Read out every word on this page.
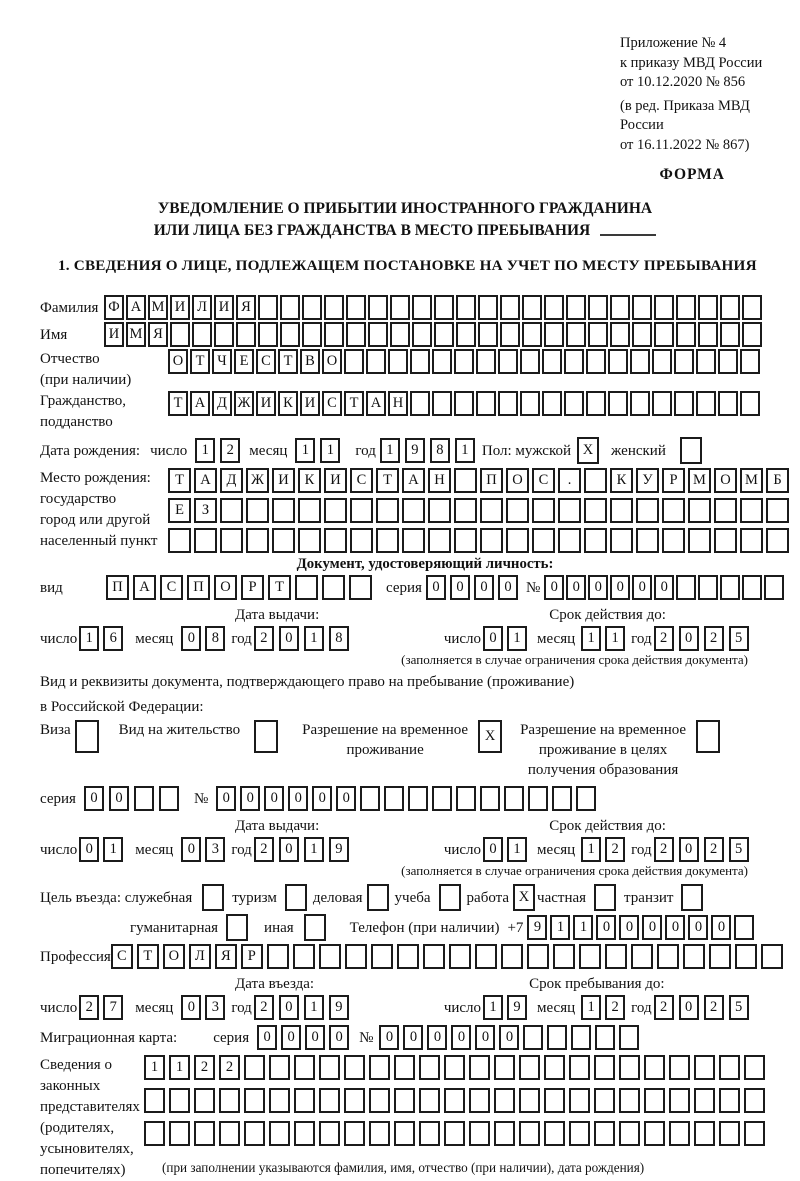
Приложение № 4
к приказу МВД России
от 10.12.2020 № 856
(в ред. Приказа МВД России
от 16.11.2022 № 867)
ФОРМА
УВЕДОМЛЕНИЕ О ПРИБЫТИИ ИНОСТРАННОГО ГРАЖДАНИНА
ИЛИ ЛИЦА БЕЗ ГРАЖДАНСТВА В МЕСТО ПРЕБЫВАНИЯ
1. СВЕДЕНИЯ О ЛИЦЕ, ПОДЛЕЖАЩЕМ ПОСТАНОВКЕ НА УЧЕТ ПО МЕСТУ ПРЕБЫВАНИЯ
Фамилия Ф А М И Л И Я
Имя	И М Я
Отчество
(при наличии)
О Т Ч Е С Т В О
Гражданство,
подданство
Т А Д Ж И К И С Т А Н
Дата рождения: число 1	2	месяц 1	1	год 1	9	8	1 Пол: мужской X	женский
Место рождения:
государство
город или другой
населенный пункт
Т	А	Д	Ж И	К	И	С	Т	А	Н	П	О	С	.	К	У	Р	М О М	Б
Е	З
Документ, удостоверяющий личность:
вид	П	А	С	П	О	Р	Т	серия 0	0	0	0 № 0	0	0	0	0	0
Дата выдачи:	Срок действия до:
число 1	6	месяц 0	8 год 2	0	1	8	число 0	1	месяц 1	1 год 2	0	2	5
(заполняется в случае ограничения срока действия документа)
Вид и реквизиты документа, подтверждающего право на пребывание (проживание)
в Российской Федерации:
Виза	Вид на жительство	Разрешение на временное
проживание
X	Разрешение на временное
проживание в целях
получения образования
серия 0	0	№ 0	0	0	0	0	0
Дата выдачи:	Срок действия до:
число 0	1	месяц 0	3 год 2	0	1	9	число 0	1	месяц 1	2 год 2	0	2	5
(заполняется в случае ограничения срока действия документа)
Цель въезда: служебная	туризм деловая учеба работа X частная	транзит
гуманитарная	иная	Телефон (при наличии) +7 9	1	1	0	0	0	0	0	0
Профессия С	Т	О	Л	Я	Р
Дата въезда:	Срок пребывания до:
число 2	7	месяц 0	3 год 2	0	1	9	число 1	9	месяц 1	2 год 2	0	2	5
Миграционная карта: серия 0	0	0	0	№ 0	0	0	0	0	0
Сведения о
законных
представителях
(родителях,
усыновителях,
попечителях)
1	1	2	2
(при заполнении указываются фамилия, имя, отчество (при наличии), дата рождения)
